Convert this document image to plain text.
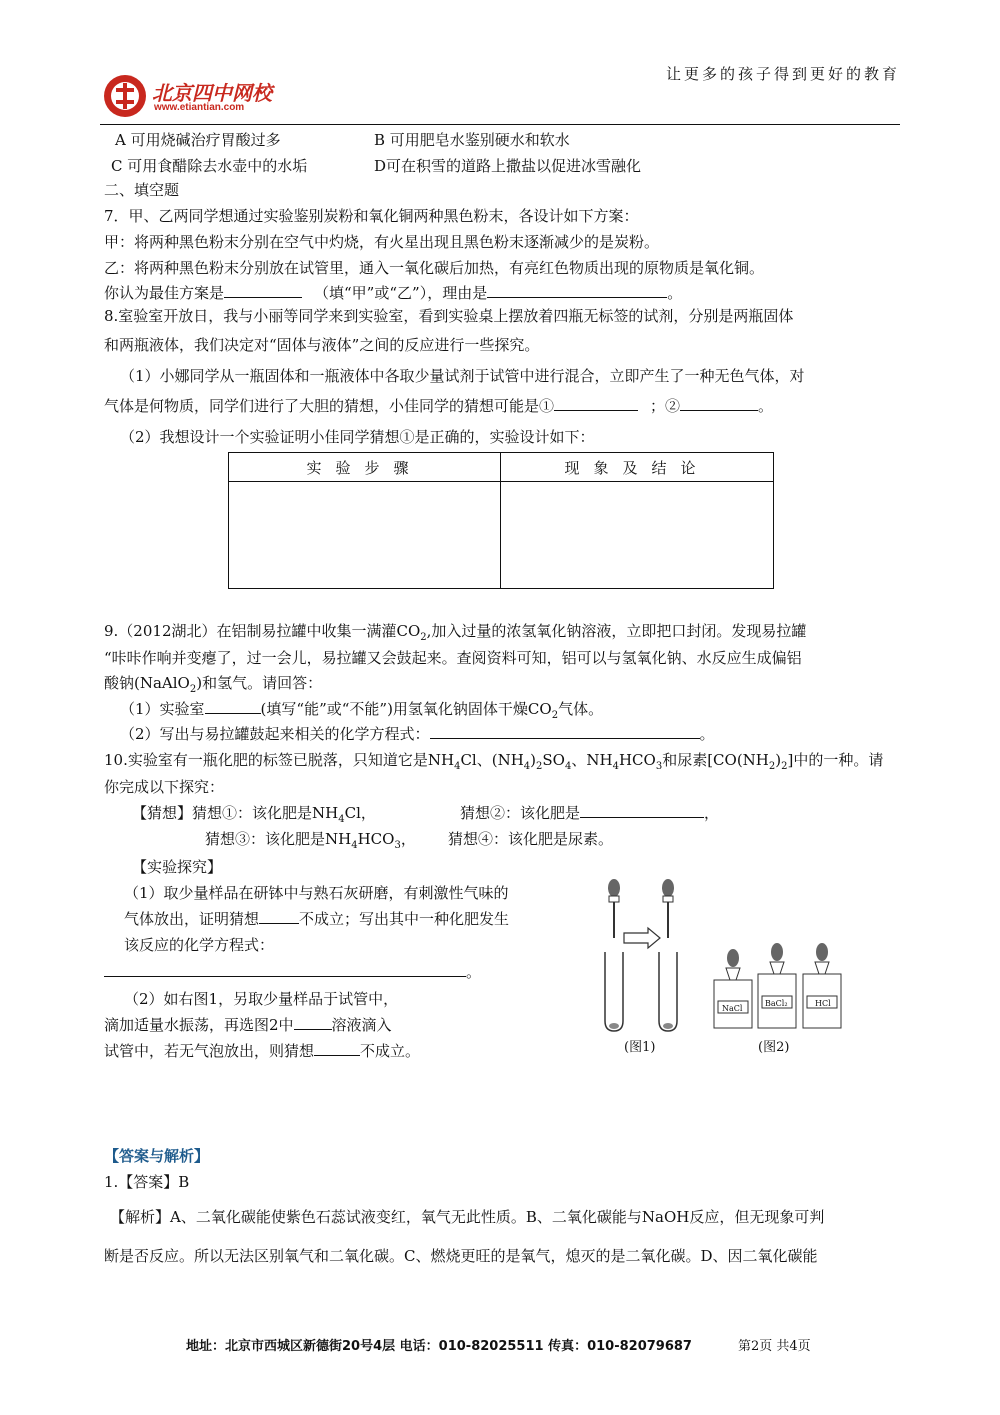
北京四中网校
www.etiantian.com
让更多的孩子得到更好的教育
A 可用烧碱治疗胃酸过多	B 可用肥皂水鉴别硬水和软水
C 可用食醋除去水壶中的水垢	D可在积雪的道路上撒盐以促进冰雪融化
二、填空题
7．甲、乙两同学想通过实验鉴别炭粉和氧化铜两种黑色粉末，各设计如下方案：
甲：将两种黑色粉末分别在空气中灼烧，有火星出现且黑色粉末逐渐减少的是炭粉。
乙：将两种黑色粉末分别放在试管里，通入一氧化碳后加热，有亮红色物质出现的原物质是氧化铜。
你认为最佳方案是	（填“甲”或“乙”），理由是	。
8.室验室开放日，我与小丽等同学来到实验室，看到实验桌上摆放着四瓶无标签的试剂，分别是两瓶固体
和两瓶液体，我们决定对“固体与液体”之间的反应进行一些探究。
（1）小娜同学从一瓶固体和一瓶液体中各取少量试剂于试管中进行混合，立即产生了一种无色气体，对
气体是何物质，同学们进行了大胆的猜想，小佳同学的猜想可能是①	；②	。
（2）我想设计一个实验证明小佳同学猜想①是正确的，实验设计如下：
实验步骤	现象及结论

9.（2012湖北）在铝制易拉罐中收集一满灌$CO_2$,加入过量的浓氢氧化钠溶液，立即把口封闭。发现易拉罐
“咔咔作响并变瘪了，过一会儿，易拉罐又会鼓起来。查阅资料可知，铝可以与氢氧化钠、水反应生成偏铝
酸钠(NaAlO$_2$)和氢气。请回答：
（1）实验室	(填写“能”或“不能”)用氢氧化钠固体干燥$CO_2$气体。
（2）写出与易拉罐鼓起来相关的化学方程式：	。
10.实验室有一瓶化肥的标签已脱落，只知道它是$NH_4Cl$、$(NH_4)_2SO_4$、$NH_4HCO_3$和尿素$[CO(NH_2)_2]$中的一种。请
你完成以下探究：
【猜想】猜想①：该化肥是$NH_4Cl$，	猜想②：该化肥是	，
猜想③：该化肥是$NH_4HCO_3$， 猜想④：该化肥是尿素。
【实验探究】
（1）取少量样品在研钵中与熟石灰研磨，有刺激性气味的
气体放出，证明猜想	不成立；写出其中一种化肥发生
该反应的化学方程式：
。
（2）如右图1，另取少量样品于试管中，
滴加适量水振荡，再选图2中	溶液滴入
试管中，若无气泡放出，则猜想	不成立。
NaCl
BaCl₂	HCl
(图1)	(图2)
【答案与解析】
1.【答案】B
【解析】A、二氧化碳能使紫色石蕊试液变红，氧气无此性质。B、二氧化碳能与NaOH反应，但无现象可判
断是否反应。所以无法区别氧气和二氧化碳。C、燃烧更旺的是氧气，熄灭的是二氧化碳。D、因二氧化碳能
地址：北京市西城区新德街20号4层 电话：010-82025511 传真：010-82079687	第2页 共4页
